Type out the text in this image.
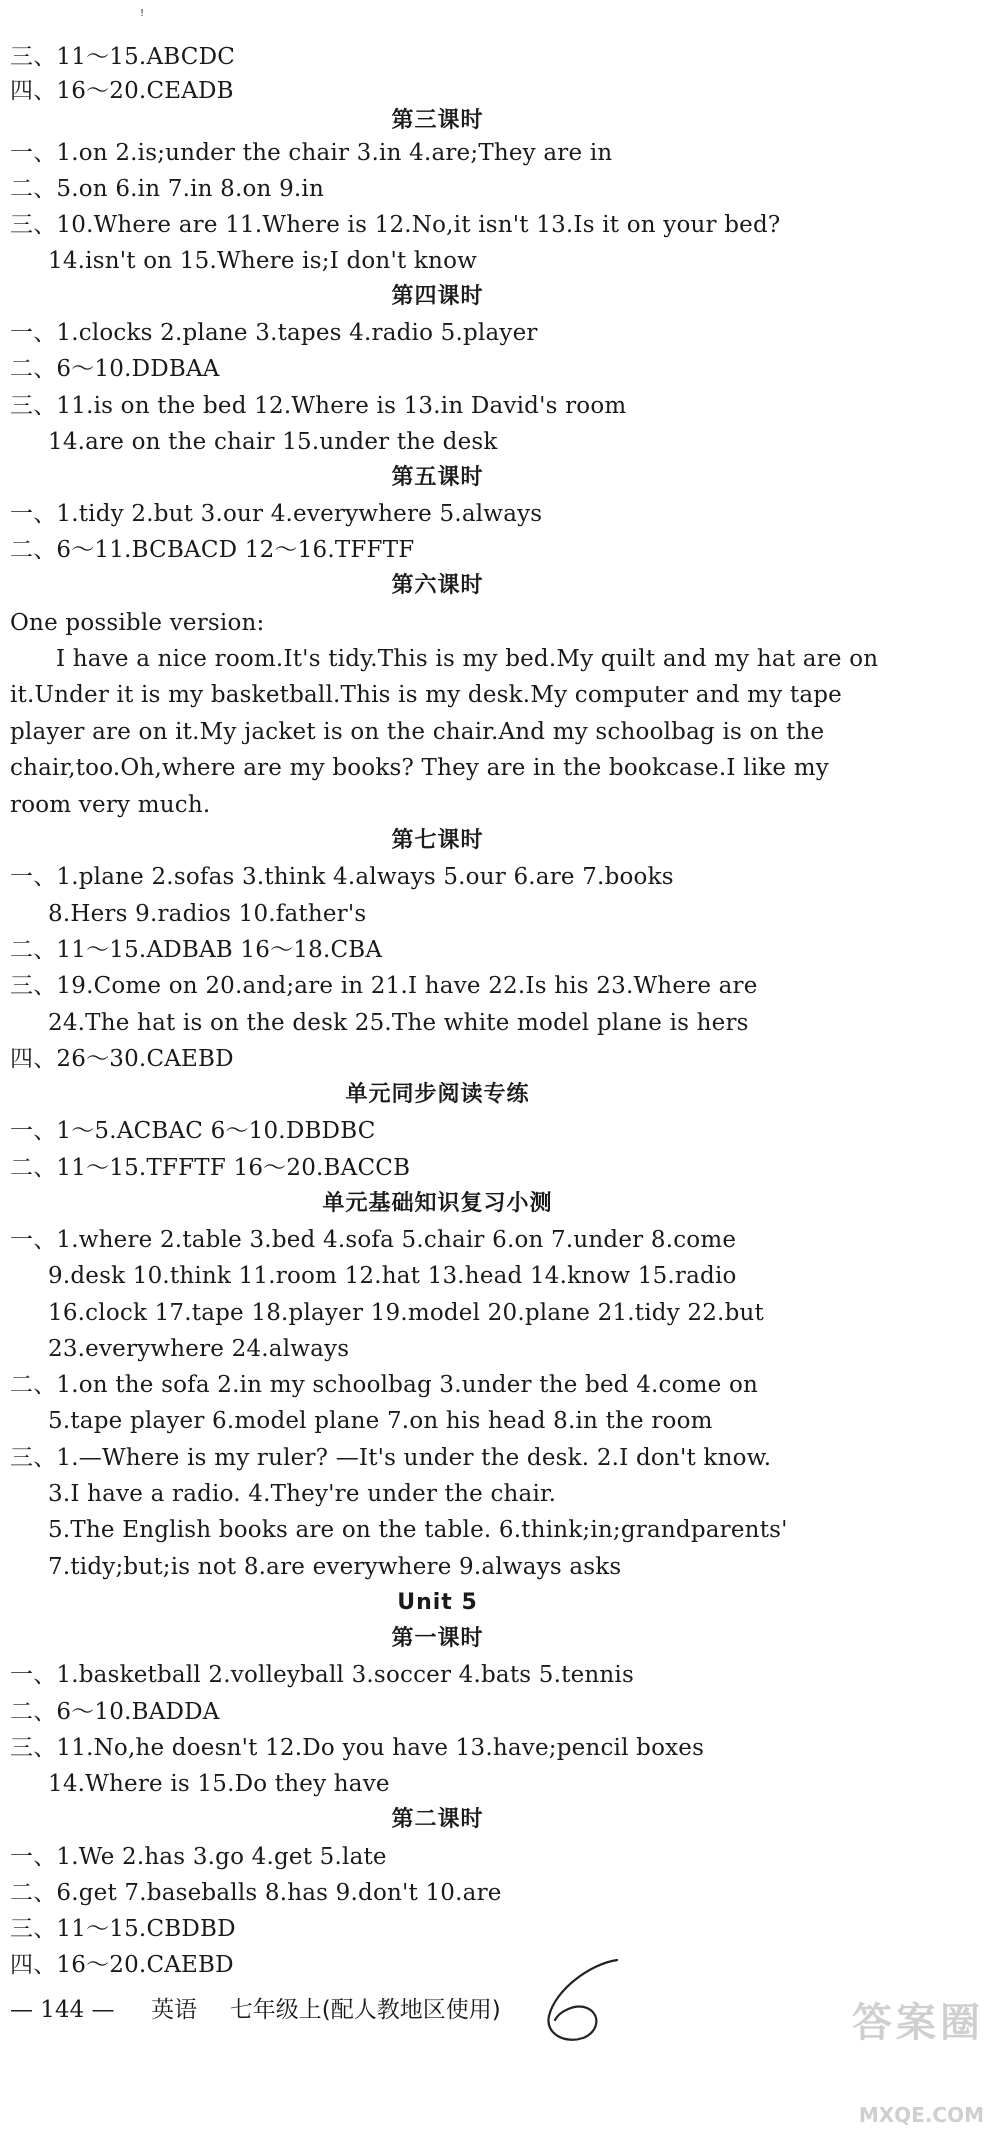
ꜝ
三、11～15.ABCDC
四、16～20.CEADB
第三课时
一、1.on 2.is;under the chair 3.in 4.are;They are in
二、5.on 6.in 7.in 8.on 9.in
三、10.Where are 11.Where is 12.No,it isn't 13.Is it on your bed?
14.isn't on 15.Where is;I don't know
第四课时
一、1.clocks 2.plane 3.tapes 4.radio 5.player
二、6～10.DDBAA
三、11.is on the bed 12.Where is 13.in David's room
14.are on the chair 15.under the desk
第五课时
一、1.tidy 2.but 3.our 4.everywhere 5.always
二、6～11.BCBACD 12～16.TFFTF
第六课时
One possible version:
I have a nice room.It's tidy.This is my bed.My quilt and my hat are on
it.Under it is my basketball.This is my desk.My computer and my tape
player are on it.My jacket is on the chair.And my schoolbag is on the
chair,too.Oh,where are my books? They are in the bookcase.I like my
room very much.
第七课时
一、1.plane 2.sofas 3.think 4.always 5.our 6.are 7.books
8.Hers 9.radios 10.father's
二、11～15.ADBAB 16～18.CBA
三、19.Come on 20.and;are in 21.I have 22.Is his 23.Where are
24.The hat is on the desk 25.The white model plane is hers
四、26～30.CAEBD
单元同步阅读专练
一、1～5.ACBAC 6～10.DBDBC
二、11～15.TFFTF 16～20.BACCB
单元基础知识复习小测
一、1.where 2.table 3.bed 4.sofa 5.chair 6.on 7.under 8.come
9.desk 10.think 11.room 12.hat 13.head 14.know 15.radio
16.clock 17.tape 18.player 19.model 20.plane 21.tidy 22.but
23.everywhere 24.always
二、1.on the sofa 2.in my schoolbag 3.under the bed 4.come on
5.tape player 6.model plane 7.on his head 8.in the room
三、1.—Where is my ruler? —It's under the desk. 2.I don't know.
3.I have a radio. 4.They're under the chair.
5.The English books are on the table. 6.think;in;grandparents'
7.tidy;but;is not 8.are everywhere 9.always asks
Unit 5
第一课时
一、1.basketball 2.volleyball 3.soccer 4.bats 5.tennis
二、6～10.BADDA
三、11.No,he doesn't 12.Do you have 13.have;pencil boxes
14.Where is 15.Do they have
第二课时
一、1.We 2.has 3.go 4.get 5.late
二、6.get 7.baseballs 8.has 9.don't 10.are
三、11～15.CBDBD
四、16～20.CAEBD
— 144 — 英语 七年级上(配人教地区使用)	答案圈
MXQE.COM
